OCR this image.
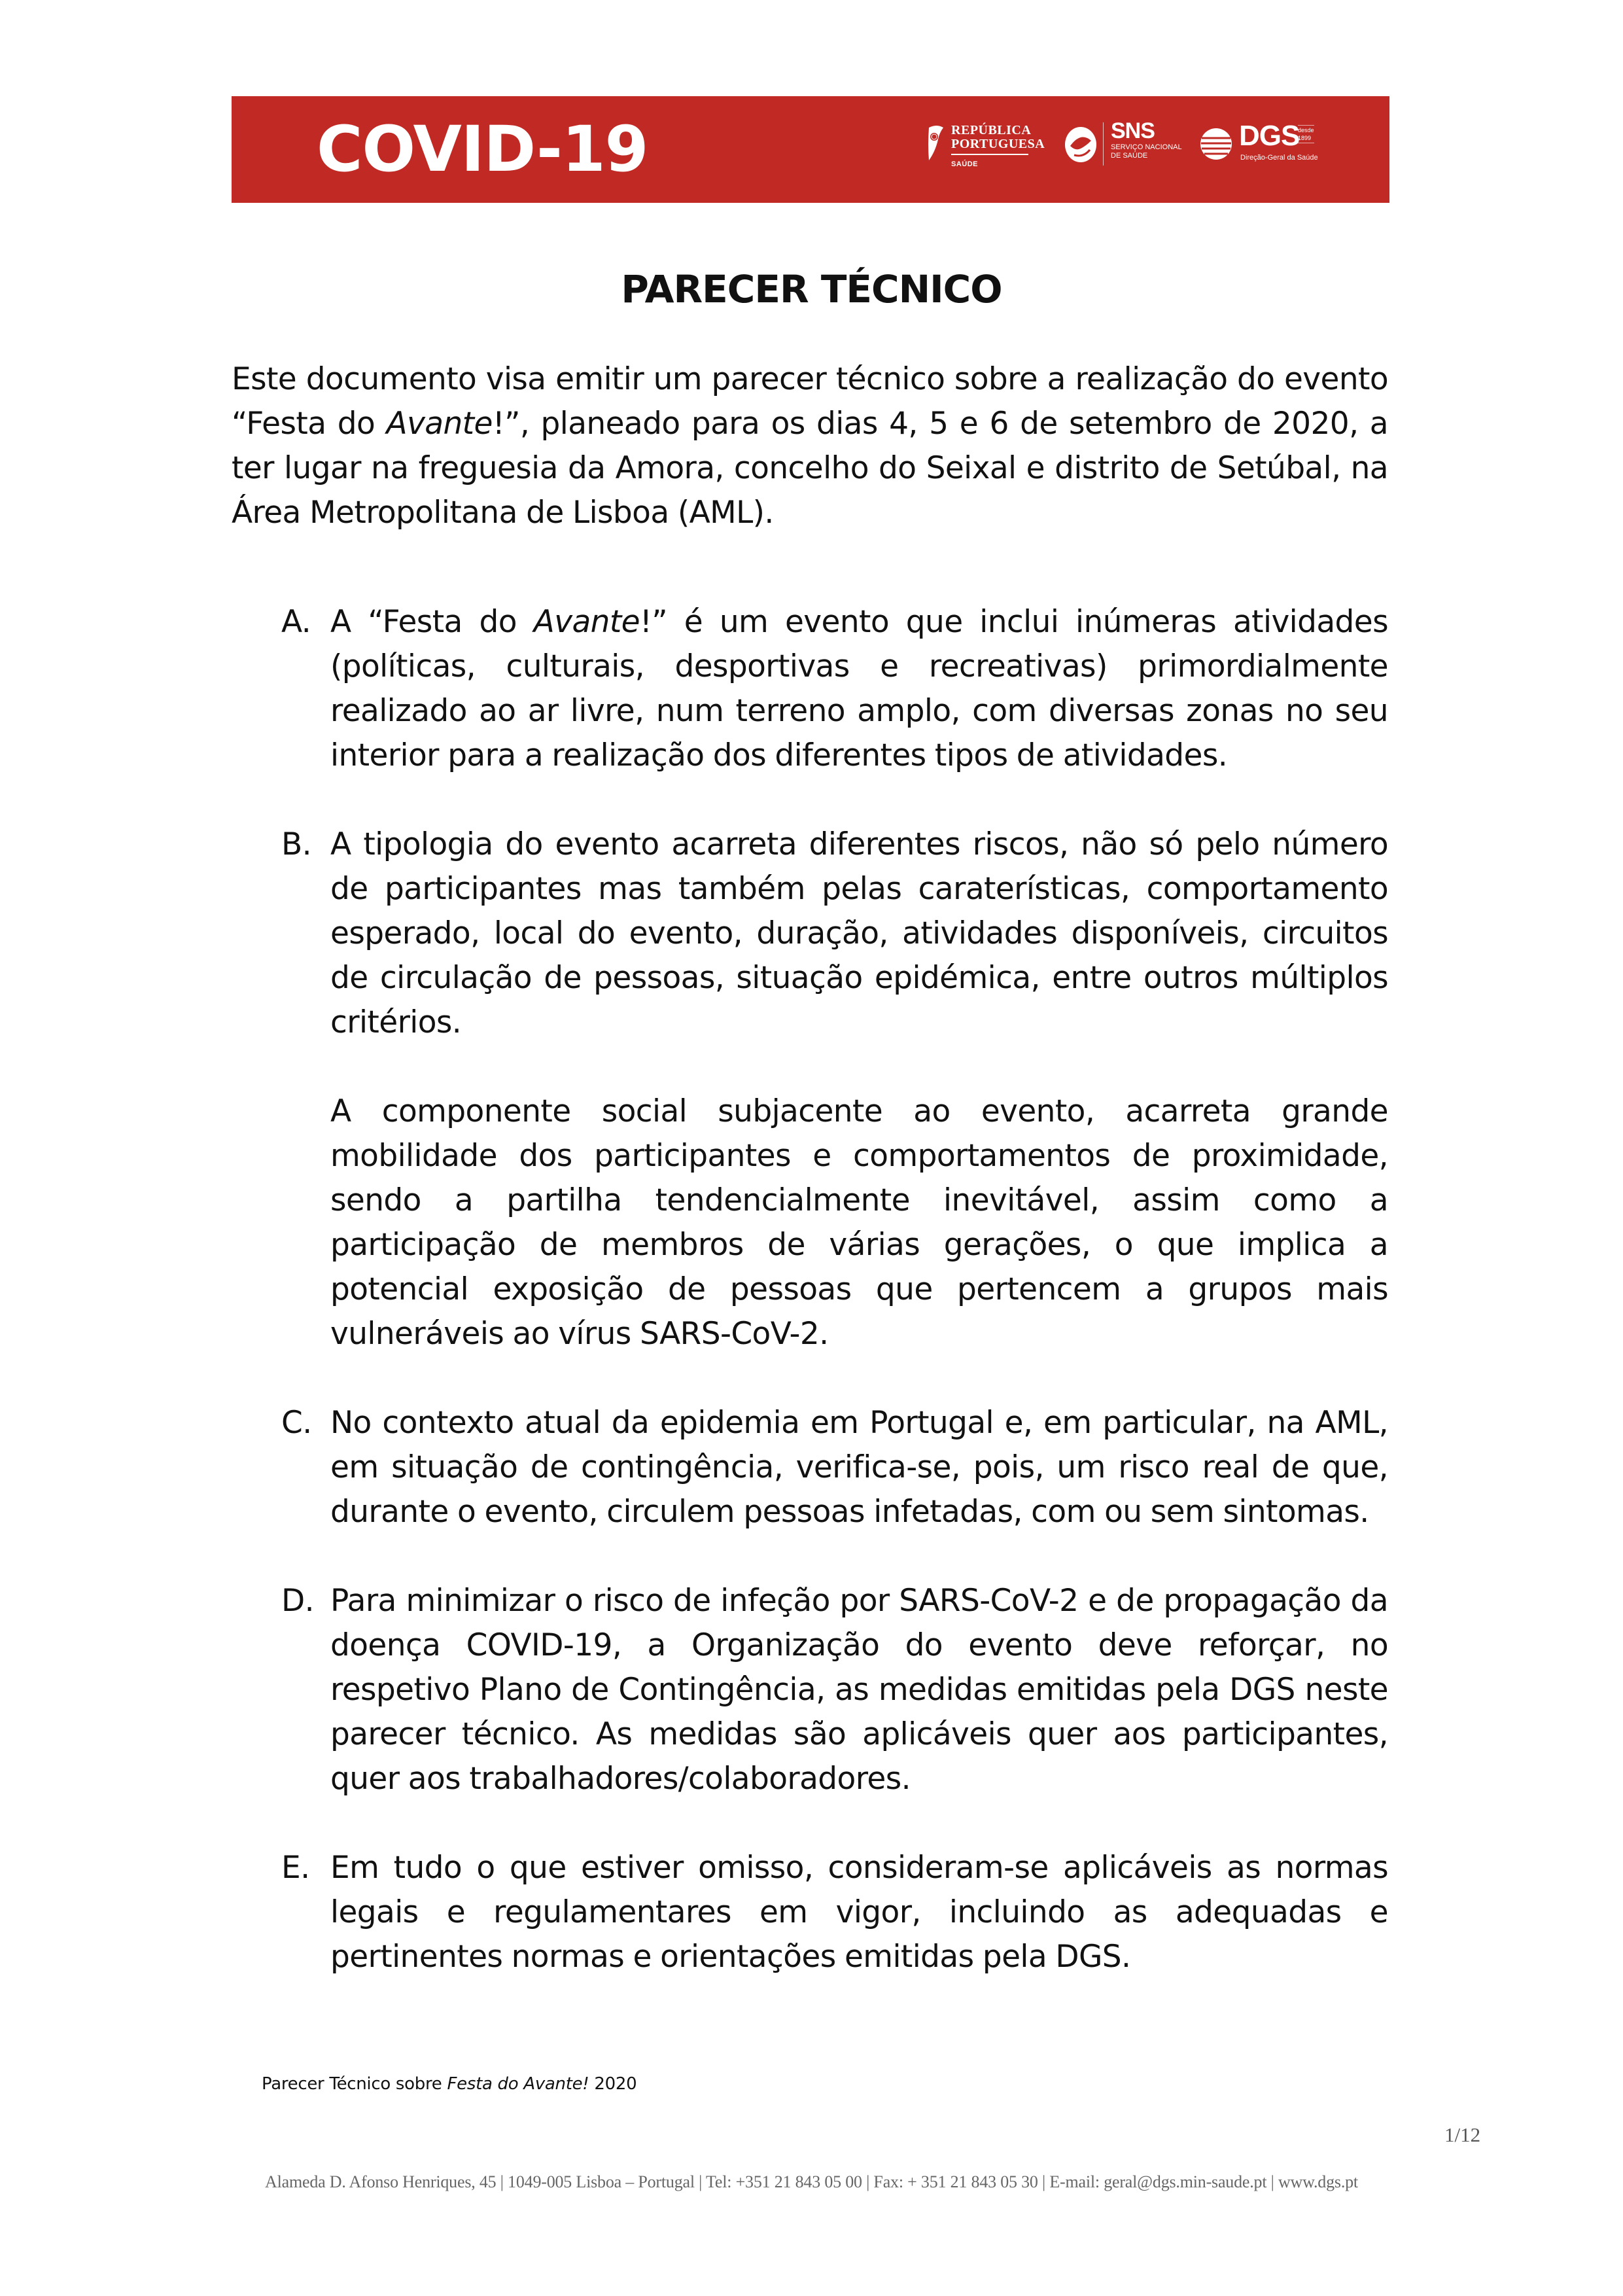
COVID-19	REPÚBLICA
PORTUGUESA
SAÚDE
SNS
SERVIÇO NACIONAL
DE SAÚDE
DGS
desde
1899
Direção-Geral da Saúde
PARECER TÉCNICO
Este documento visa emitir um parecer técnico sobre a realização do evento “Festa do Avante!”, planeado para os dias 4, 5 e 6 de setembro de 2020, a ter lugar na freguesia da Amora, concelho do Seixal e distrito de Setúbal, na Área Metropolitana de Lisboa (AML).
A. A “Festa do Avante!” é um evento que inclui inúmeras atividades (políticas, culturais, desportivas e recreativas) primordialmente realizado ao ar livre, num terreno amplo, com diversas zonas no seu interior para a realização dos diferentes tipos de atividades.

B. A tipologia do evento acarreta diferentes riscos, não só pelo número de participantes mas também pelas caraterísticas, comportamento esperado, local do evento, duração, atividades disponíveis, circuitos de circulação de pessoas, situação epidémica, entre outros múltiplos critérios.

A componente social subjacente ao evento, acarreta grande mobilidade dos participantes e comportamentos de proximidade, sendo a partilha tendencialmente inevitável, assim como a participação de membros de várias gerações, o que implica a potencial exposição de pessoas que pertencem a grupos mais vulneráveis ao vírus SARS-CoV-2.

C. No contexto atual da epidemia em Portugal e, em particular, na AML, em situação de contingência, verifica-se, pois, um risco real de que, durante o evento, circulem pessoas infetadas, com ou sem sintomas.

D. Para minimizar o risco de infeção por SARS-CoV-2 e de propagação da doença COVID-19, a Organização do evento deve reforçar, no respetivo Plano de Contingência, as medidas emitidas pela DGS neste parecer técnico. As medidas são aplicáveis quer aos participantes, quer aos trabalhadores/colaboradores.

E. Em tudo o que estiver omisso, consideram-se aplicáveis as normas legais e regulamentares em vigor, incluindo as adequadas e pertinentes normas e orientações emitidas pela DGS.

Parecer Técnico sobre Festa do Avante! 2020
1/12
Alameda D. Afonso Henriques, 45 | 1049-005 Lisboa – Portugal | Tel: +351 21 843 05 00 | Fax: + 351 21 843 05 30 | E-mail: geral@dgs.min-saude.pt | www.dgs.pt
